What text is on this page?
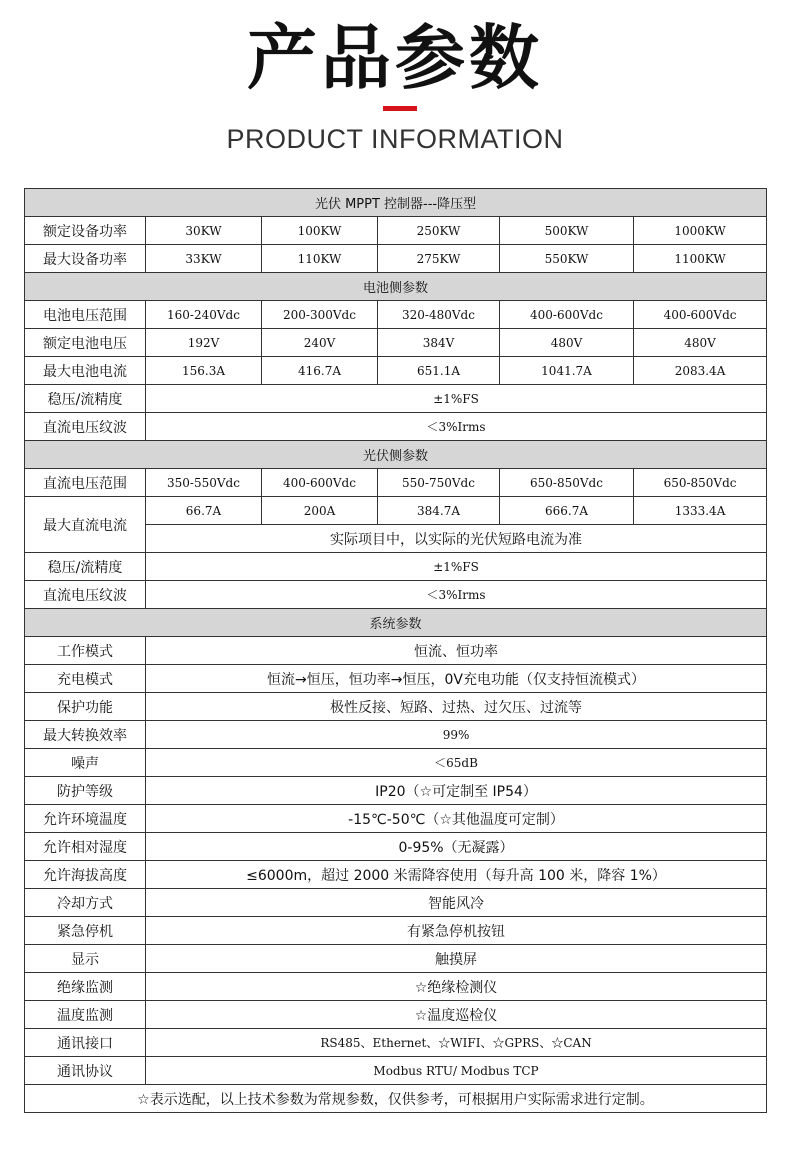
产品参数
PRODUCT INFORMATION
光伏 MPPT 控制器---降压型					
额定设备功率	30KW	100KW	250KW	500KW	1000KW
最大设备功率	33KW	110KW	275KW	550KW	1100KW
电池侧参数					
电池电压范围	160-240Vdc	200-300Vdc	320-480Vdc	400-600Vdc	400-600Vdc
额定电池电压	192V	240V	384V	480V	480V
最大电池电流	156.3A	416.7A	651.1A	1041.7A	2083.4A
稳压/流精度	±1%FS				
直流电压纹波	＜3%Irms				
光伏侧参数					
直流电压范围	350-550Vdc	400-600Vdc	550-750Vdc	650-850Vdc	650-850Vdc
最大直流电流	66.7A	200A	384.7A	666.7A	1333.4A
	实际项目中，以实际的光伏短路电流为准				
稳压/流精度	±1%FS				
直流电压纹波	＜3%Irms				
系统参数					
工作模式	恒流、恒功率				
充电模式	恒流→恒压，恒功率→恒压，0V充电功能（仅支持恒流模式）				
保护功能	极性反接、短路、过热、过欠压、过流等				
最大转换效率	99%				
噪声	＜65dB				
防护等级	IP20（☆可定制至 IP54）				
允许环境温度	-15℃-50℃（☆其他温度可定制）				
允许相对湿度	0-95%（无凝露）				
允许海拔高度	≤6000m，超过 2000 米需降容使用（每升高 100 米，降容 1%）				
冷却方式	智能风冷				
紧急停机	有紧急停机按钮				
显示	触摸屏				
绝缘监测	☆绝缘检测仪				
温度监测	☆温度巡检仪				
通讯接口	RS485、Ethernet、☆WIFI、☆GPRS、☆CAN				
通讯协议	Modbus RTU/ Modbus TCP				
☆表示选配，以上技术参数为常规参数，仅供参考，可根据用户实际需求进行定制。					
